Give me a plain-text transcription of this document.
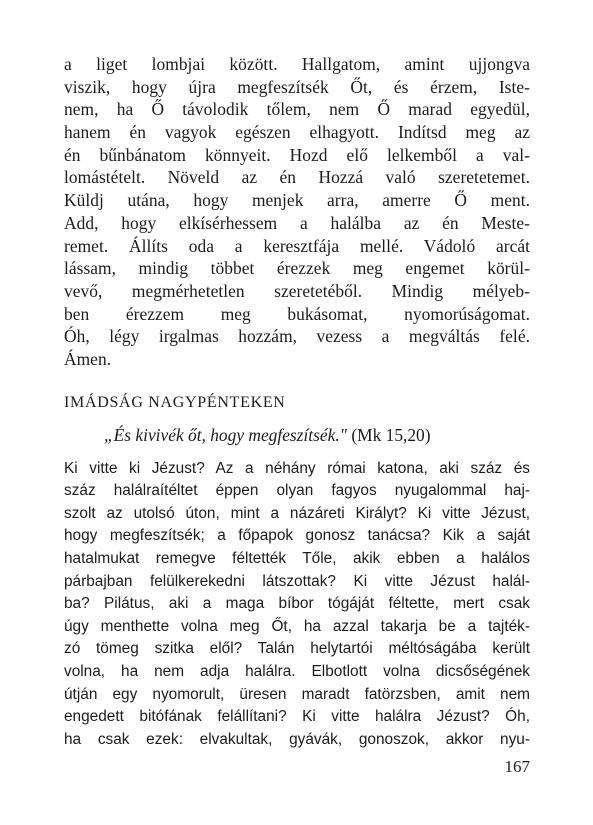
a liget lombjai között. Hallgatom, amint ujjongva
viszik, hogy újra megfeszítsék Őt, és érzem, Iste-
nem, ha Ő távolodik tőlem, nem Ő marad egyedül,
hanem én vagyok egészen elhagyott. Indítsd meg az
én bűnbánatom könnyeit. Hozd elő lelkemből a val-
lomástételt. Növeld az én Hozzá való szeretetemet.
Küldj utána, hogy menjek arra, amerre Ő ment.
Add, hogy elkísérhessem a halálba az én Meste-
remet. Állíts oda a keresztfája mellé. Vádoló arcát
lássam, mindig többet érezzek meg engemet körül-
vevő, megmérhetetlen szeretetéből. Mindig mélyeb-
ben érezzem meg bukásomat, nyomorúságomat.
Óh, légy irgalmas hozzám, vezess a megváltás felé.
Ámen.
IMÁDSÁG NAGYPÉNTEKEN
„És kivivék őt, hogy megfeszítsék." (Mk 15,20)
Ki vitte ki Jézust? Az a néhány római katona, aki száz és
száz halálraítéltet éppen olyan fagyos nyugalommal haj-
szolt az utolsó úton, mint a názáreti Királyt? Ki vitte Jézust,
hogy megfeszítsék; a főpapok gonosz tanácsa? Kik a saját
hatalmukat remegve féltették Tőle, akik ebben a halálos
párbajban felülkerekedni látszottak? Ki vitte Jézust halál-
ba? Pilátus, aki a maga bíbor tógáját féltette, mert csak
úgy menthette volna meg Őt, ha azzal takarja be a tajték-
zó tömeg szitka elől? Talán helytartói méltóságába került
volna, ha nem adja halálra. Elbotlott volna dicsőségének
útján egy nyomorult, üresen maradt fatörzsben, amit nem
engedett bitófának felállítani? Ki vitte halálra Jézust? Óh,
ha csak ezek: elvakultak, gyávák, gonoszok, akkor nyu-
167
